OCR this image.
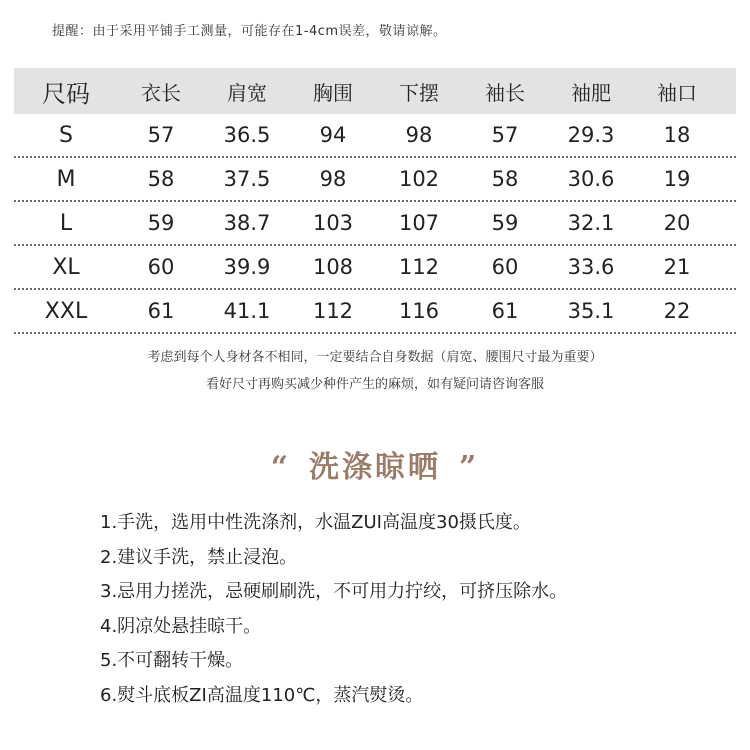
提醒：由于采用平铺手工测量，可能存在1-4cm误差，敬请谅解。
尺码	衣长	肩宽	胸围	下摆	袖长	袖肥	袖口
S	57	36.5	94	98	57	29.3	18
M	58	37.5	98	102	58	30.6	19
L	59	38.7	103	107	59	32.1	20
XL	60	39.9	108	112	60	33.6	21
XXL	61	41.1	112	116	61	35.1	22
考虑到每个人身材各不相同，一定要结合自身数据（肩宽、腰围尺寸最为重要）
看好尺寸再购买减少种件产生的麻烦，如有疑问请咨询客服
“ 洗涤晾晒 ”
1.手洗，选用中性洗涤剂，水温ZUI高温度30摄氏度。
2.建议手洗，禁止浸泡。
3.忌用力搓洗，忌硬刷刷洗，不可用力拧绞，可挤压除水。
4.阴凉处悬挂晾干。
5.不可翻转干燥。
6.熨斗底板ZI高温度110℃，蒸汽熨烫。
